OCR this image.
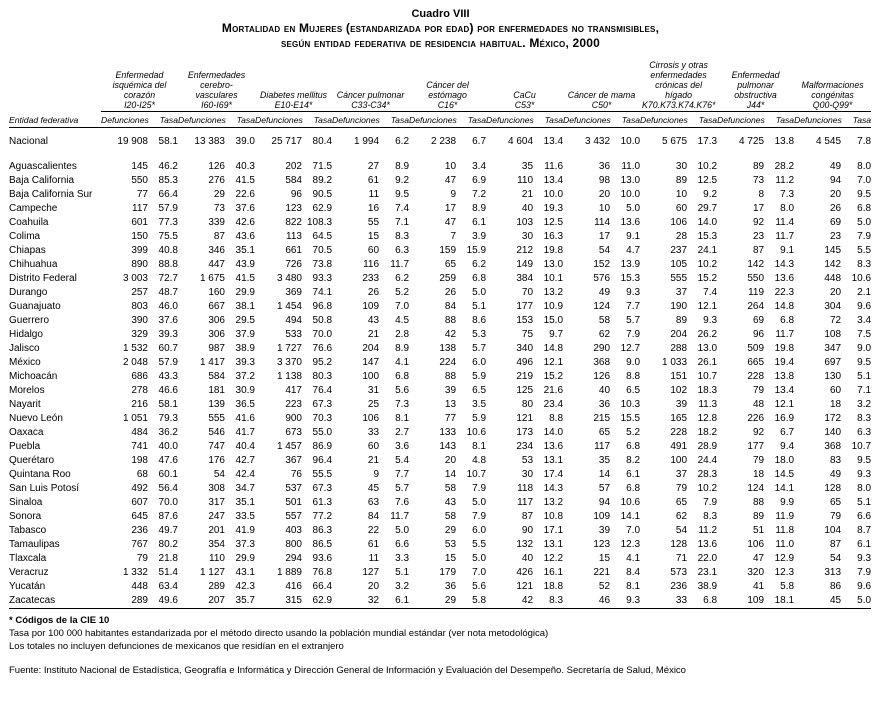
Cuadro VIII
Mortalidad en Mujeres (estandarizada por edad) por enfermedades no transmisibles,
según entidad federativa de residencia habitual. México, 2000

Enfermedad isquémica del corazón
I20-I25*

Enfermedades cerebro-vasculares
I60-I69*

Diabetes mellitus
E10-E14*

Cáncer pulmonar
C33-C34*

Cáncer del estómago
C16*

CaCu
C53*

Cáncer de mama
C50*

Cirrosis y otras enfermedades crónicas del hígado
K70.K73.K74.K76*

Enfermedad pulmonar obstructiva
J44*

Malformaciones congénitas
Q00-Q99*

Entidad federativa	Defunciones	Tasa	Defunciones	Tasa	Defunciones	Tasa	Defunciones	Tasa	Defunciones	Tasa	Defunciones	Tasa	Defunciones	Tasa	Defunciones	Tasa	Defunciones	Tasa	Defunciones	Tasa
Nacional	19 908	58.1	13 383	39.0	25 717	80.4	1 994	6.2	2 238	6.7	4 604	13.4	3 432	10.0	5 675	17.3	4 725	13.8	4 545	7.8
Aguascalientes	145	46.2	126	40.3	202	71.5	27	8.9	10	3.4	35	11.6	36	11.0	30	10.2	89	28.2	49	8.0
Baja California	550	85.3	276	41.5	584	89.2	61	9.2	47	6.9	110	13.4	98	13.0	89	12.5	73	11.2	94	7.0
Baja California Sur	77	66.4	29	22.6	96	90.5	11	9.5	9	7.2	21	10.0	20	10.0	10	9.2	8	7.3	20	9.5
Campeche	117	57.9	73	37.6	123	62.9	16	7.4	17	8.9	40	19.3	10	5.0	60	29.7	17	8.0	26	6.8
Coahuila	601	77.3	339	42.6	822	108.3	55	7.1	47	6.1	103	12.5	114	13.6	106	14.0	92	11.4	69	5.0
Colima	150	75.5	87	43.6	113	64.5	15	8.3	7	3.9	30	16.3	17	9.1	28	15.3	23	11.7	23	7.9
Chiapas	399	40.8	346	35.1	661	70.5	60	6.3	159	15.9	212	19.8	54	4.7	237	24.1	87	9.1	145	5.5
Chihuahua	890	88.8	447	43.9	726	73.8	116	11.7	65	6.2	149	13.0	152	13.9	105	10.2	142	14.3	142	8.3
Distrito Federal	3 003	72.7	1 675	41.5	3 480	93.3	233	6.2	259	6.8	384	10.1	576	15.3	555	15.2	550	13.6	448	10.6
Durango	257	48.7	160	29.9	369	74.1	26	5.2	26	5.0	70	13.2	49	9.3	37	7.4	119	22.3	20	2.1
Guanajuato	803	46.0	667	38.1	1 454	96.8	109	7.0	84	5.1	177	10.9	124	7.7	190	12.1	264	14.8	304	9.6
Guerrero	390	37.6	306	29.5	494	50.8	43	4.5	88	8.6	153	15.0	58	5.7	89	9.3	69	6.8	72	3.4
Hidalgo	329	39.3	306	37.9	533	70.0	21	2.8	42	5.3	75	9.7	62	7.9	204	26.2	96	11.7	108	7.5
Jalisco	1 532	60.7	987	38.9	1 727	76.6	204	8.9	138	5.7	340	14.8	290	12.7	288	13.0	509	19.8	347	9.0
México	2 048	57.9	1 417	39.3	3 370	95.2	147	4.1	224	6.0	496	12.1	368	9.0	1 033	26.1	665	19.4	697	9.5
Michoacán	686	43.3	584	37.2	1 138	80.3	100	6.8	88	5.9	219	15.2	126	8.8	151	10.7	228	13.8	130	5.1
Morelos	278	46.6	181	30.9	417	76.4	31	5.6	39	6.5	125	21.6	40	6.5	102	18.3	79	13.4	60	7.1
Nayarit	216	58.1	139	36.5	223	67.3	25	7.3	13	3.5	80	23.4	36	10.3	39	11.3	48	12.1	18	3.2
Nuevo León	1 051	79.3	555	41.6	900	70.3	106	8.1	77	5.9	121	8.8	215	15.5	165	12.8	226	16.9	172	8.3
Oaxaca	484	36.2	546	41.7	673	55.0	33	2.7	133	10.6	173	14.0	65	5.2	228	18.2	92	6.7	140	6.3
Puebla	741	40.0	747	40.4	1 457	86.9	60	3.6	143	8.1	234	13.6	117	6.8	491	28.9	177	9.4	368	10.7
Querétaro	198	47.6	176	42.7	367	96.4	21	5.4	20	4.8	53	13.1	35	8.2	100	24.4	79	18.0	83	9.5
Quintana Roo	68	60.1	54	42.4	76	55.5	9	7.7	14	10.7	30	17.4	14	6.1	37	28.3	18	14.5	49	9.3
San Luis Potosí	492	56.4	308	34.7	537	67.3	45	5.7	58	7.9	118	14.3	57	6.8	79	10.2	124	14.1	128	8.0
Sinaloa	607	70.0	317	35.1	501	61.3	63	7.6	43	5.0	117	13.2	94	10.6	65	7.9	88	9.9	65	5.1
Sonora	645	87.6	247	33.5	557	77.2	84	11.7	58	7.9	87	10.8	109	14.1	62	8.3	89	11.9	79	6.6
Tabasco	236	49.7	201	41.9	403	86.3	22	5.0	29	6.0	90	17.1	39	7.0	54	11.2	51	11.8	104	8.7
Tamaulipas	767	80.2	354	37.3	800	86.5	61	6.6	53	5.5	132	13.1	123	12.3	128	13.6	106	11.0	87	6.1
Tlaxcala	79	21.8	110	29.9	294	93.6	11	3.3	15	5.0	40	12.2	15	4.1	71	22.0	47	12.9	54	9.3
Veracruz	1 332	51.4	1 127	43.1	1 889	76.8	127	5.1	179	7.0	426	16.1	221	8.4	573	23.1	320	12.3	313	7.9
Yucatán	448	63.4	289	42.3	416	66.4	20	3.2	36	5.6	121	18.8	52	8.1	236	38.9	41	5.8	86	9.6
Zacatecas	289	49.6	207	35.7	315	62.9	32	6.1	29	5.8	42	8.3	46	9.3	33	6.8	109	18.1	45	5.0
* Códigos de la CIE 10
Tasa por 100 000 habitantes estandarizada por el método directo usando la población mundial estándar (ver nota metodológica)
Los totales no incluyen defunciones de mexicanos que residían en el extranjero
Fuente: Instituto Nacional de Estadística, Geografía e Informática y Dirección General de Información y Evaluación del Desempeño. Secretaría de Salud, México
